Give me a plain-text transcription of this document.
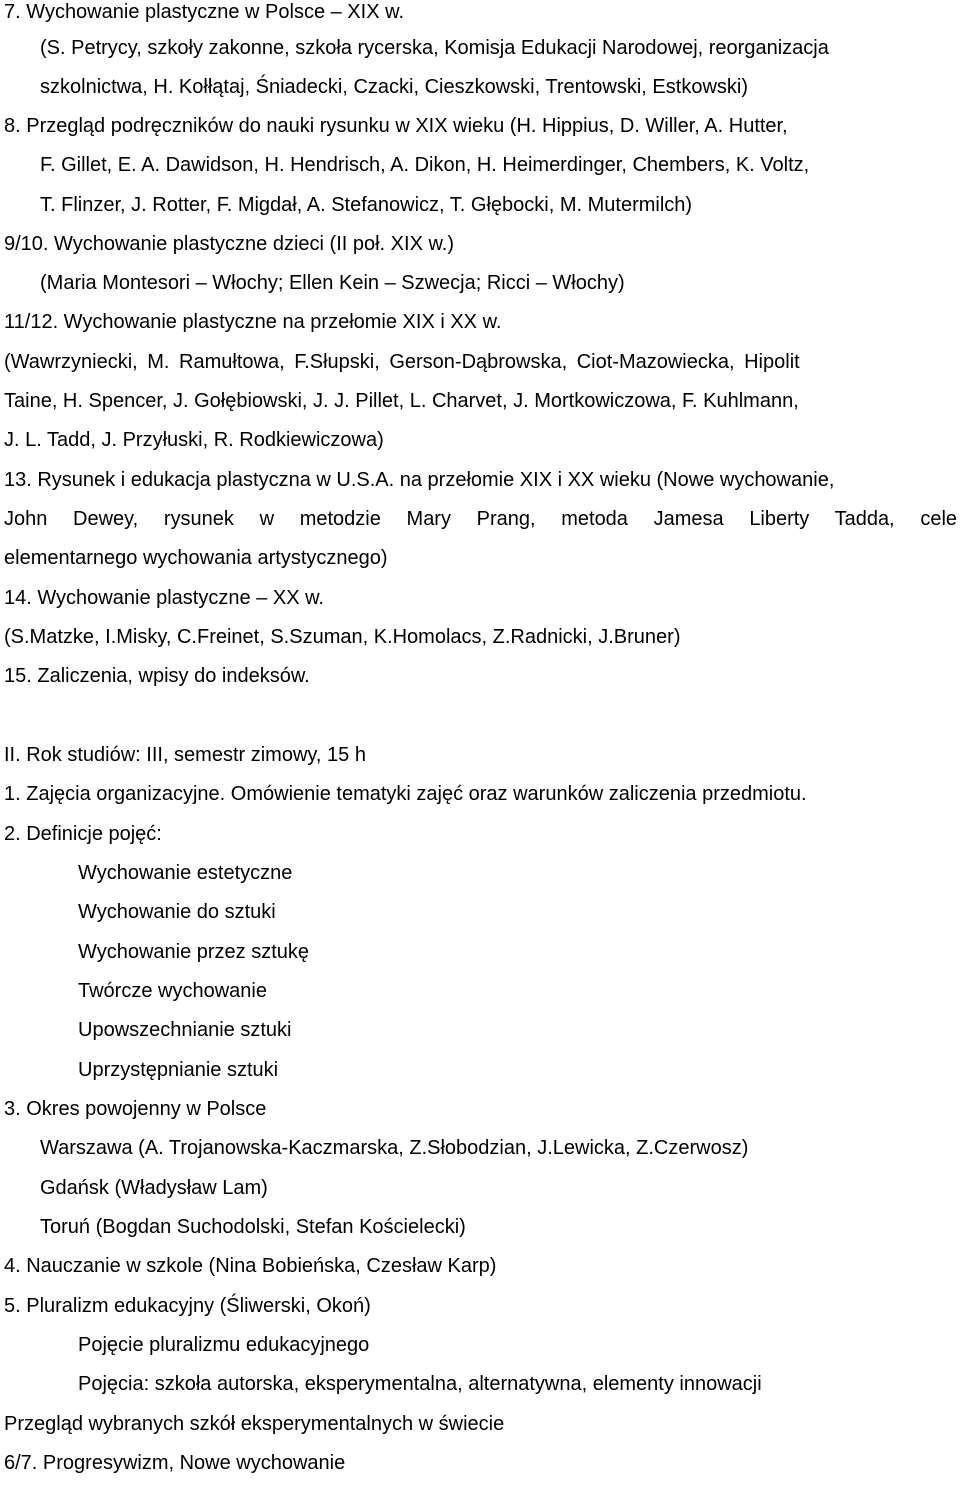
7. Wychowanie plastyczne w Polsce – XIX w.

(S. Petrycy, szkoły zakonne, szkoła rycerska, Komisja Edukacji Narodowej, reorganizacja

szkolnictwa, H. Kołłątaj, Śniadecki, Czacki, Cieszkowski, Trentowski, Estkowski)

8. Przegląd podręczników do nauki rysunku w XIX wieku (H. Hippius, D. Willer, A. Hutter,

F. Gillet, E. A. Dawidson, H. Hendrisch, A. Dikon, H. Heimerdinger, Chembers, K. Voltz,

T. Flinzer, J. Rotter, F. Migdał, A. Stefanowicz, T. Głębocki, M. Mutermilch)

9/10. Wychowanie plastyczne dzieci (II poł. XIX w.)

(Maria Montesori – Włochy; Ellen Kein – Szwecja; Ricci – Włochy)

11/12. Wychowanie plastyczne na przełomie XIX i XX w.

(Wawrzyniecki, M. Ramułtowa, F.Słupski, Gerson-Dąbrowska, Ciot-Mazowiecka, Hipolit

Taine, H. Spencer, J. Gołębiowski, J. J. Pillet, L. Charvet, J. Mortkowiczowa, F. Kuhlmann,

J. L. Tadd, J. Przyłuski, R. Rodkiewiczowa)

13. Rysunek i edukacja plastyczna w U.S.A. na przełomie XIX i XX wieku (Nowe wychowanie,

John Dewey, rysunek w metodzie Mary Prang, metoda Jamesa Liberty Tadda, cele

elementarnego wychowania artystycznego)

14. Wychowanie plastyczne – XX w.

(S.Matzke, I.Misky, C.Freinet, S.Szuman, K.Homolacs, Z.Radnicki, J.Bruner)

15. Zaliczenia, wpisy do indeksów.

II. Rok studiów: III, semestr zimowy, 15 h

1. Zajęcia organizacyjne. Omówienie tematyki zajęć oraz warunków zaliczenia przedmiotu.

2. Definicje pojęć:

Wychowanie estetyczne

Wychowanie do sztuki

Wychowanie przez sztukę

Twórcze wychowanie

Upowszechnianie sztuki

Uprzystępnianie sztuki

3. Okres powojenny w Polsce

Warszawa (A. Trojanowska-Kaczmarska, Z.Słobodzian, J.Lewicka, Z.Czerwosz)

Gdańsk (Władysław Lam)

Toruń (Bogdan Suchodolski, Stefan Kościelecki)

4. Nauczanie w szkole (Nina Bobieńska, Czesław Karp)

5. Pluralizm edukacyjny (Śliwerski, Okoń)

Pojęcie pluralizmu edukacyjnego

Pojęcia: szkoła autorska, eksperymentalna, alternatywna, elementy innowacji

Przegląd wybranych szkół eksperymentalnych w świecie

6/7. Progresywizm, Nowe wychowanie
